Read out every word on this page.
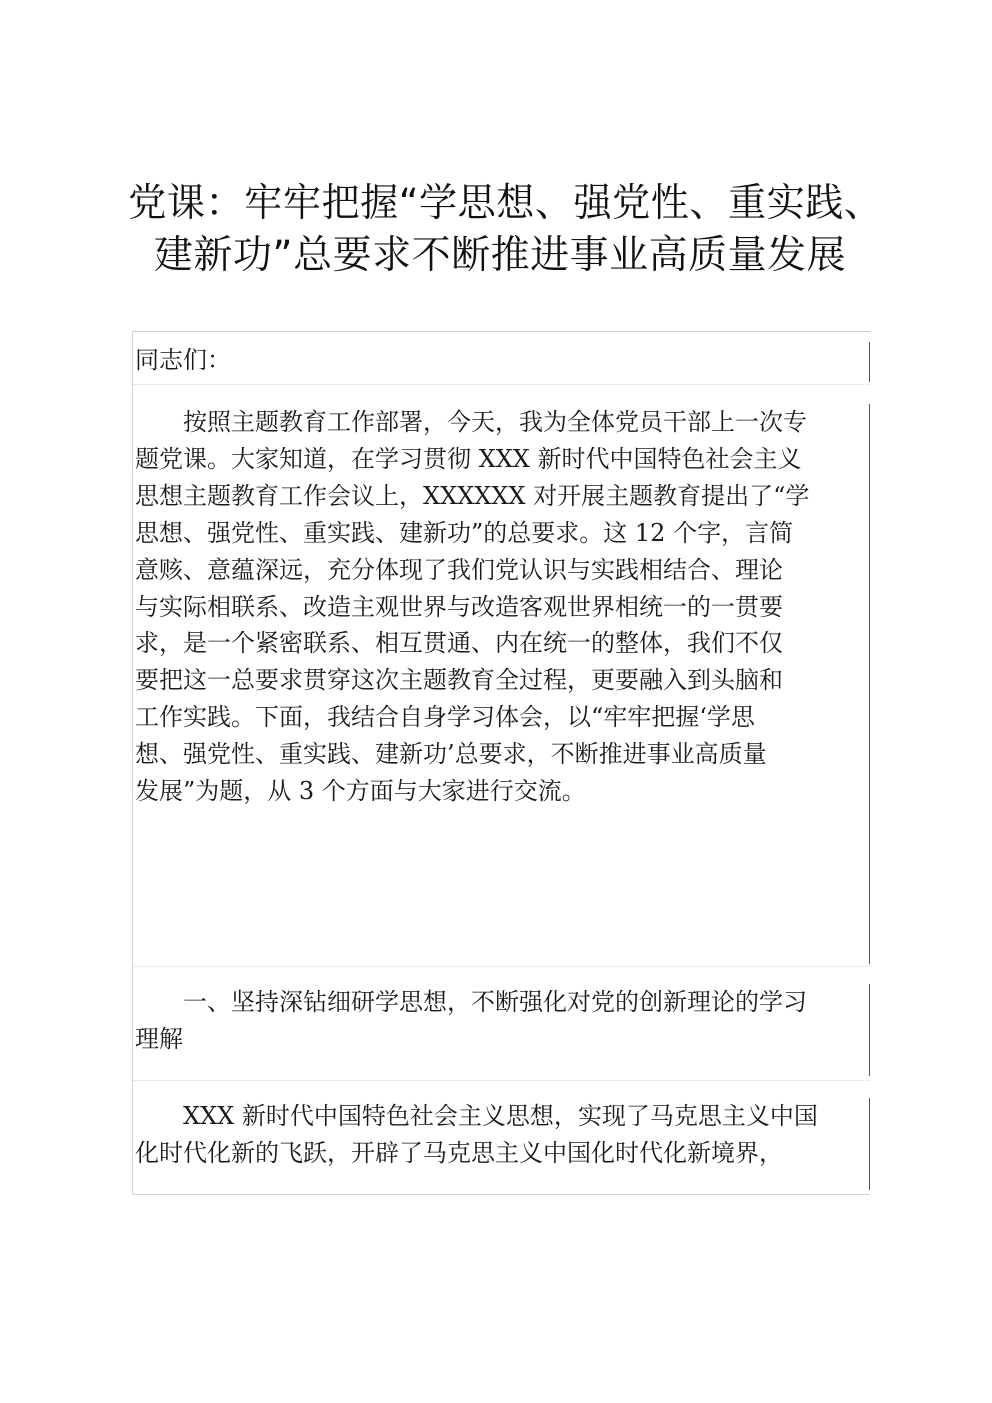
党课：牢牢把握“学思想、强党性、重实践、
建新功”总要求不断推进事业高质量发展

同志们：

按照主题教育工作部署，今天，我为全体党员干部上一次专
题党课。大家知道，在学习贯彻 XXX 新时代中国特色社会主义
思想主题教育工作会议上，XXXXXX 对开展主题教育提出了“学
思想、强党性、重实践、建新功”的总要求。这 12 个字，言简
意赅、意蕴深远，充分体现了我们党认识与实践相结合、理论
与实际相联系、改造主观世界与改造客观世界相统一的一贯要
求，是一个紧密联系、相互贯通、内在统一的整体，我们不仅
要把这一总要求贯穿这次主题教育全过程，更要融入到头脑和
工作实践。下面，我结合自身学习体会，以“牢牢把握‘学思
想、强党性、重实践、建新功’总要求，不断推进事业高质量
发展”为题，从 3 个方面与大家进行交流。

一、坚持深钻细研学思想，不断强化对党的创新理论的学习
理解

XXX 新时代中国特色社会主义思想，实现了马克思主义中国
化时代化新的飞跃，开辟了马克思主义中国化时代化新境界，
